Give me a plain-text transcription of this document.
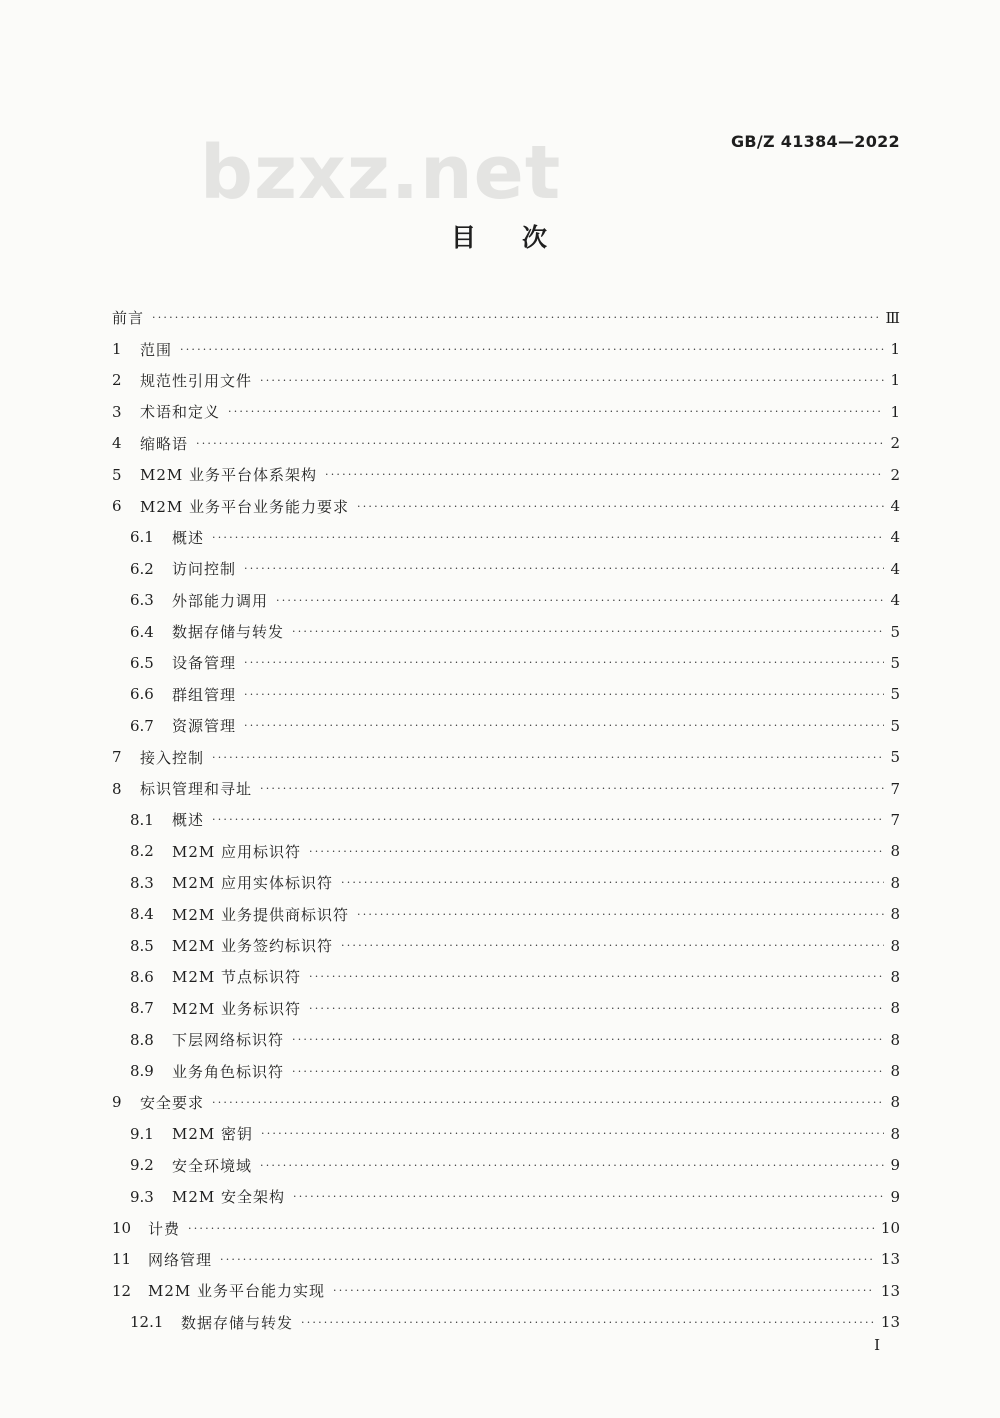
bzxz.net	GB/Z 41384—2022
目 次
前言 ·····	Ⅲ
1	范围 ·····	1
2	规范性引用文件 ·····	1
3	术语和定义 ·····	1
4	缩略语 ·····	2
5	M2M 业务平台体系架构 ·····	2
6	M2M 业务平台业务能力要求 ·····	4
6.1	概述 ·····	4
6.2	访问控制 ·····	4
6.3	外部能力调用 ·····	4
6.4	数据存储与转发 ·····	5
6.5	设备管理 ·····	5
6.6	群组管理 ·····	5
6.7	资源管理 ·····	5
7	接入控制 ·····	5
8	标识管理和寻址 ·····	7
8.1	概述 ·····	7
8.2	M2M 应用标识符 ·····	8
8.3	M2M 应用实体标识符 ·····	8
8.4	M2M 业务提供商标识符 ·····	8
8.5	M2M 业务签约标识符 ·····	8
8.6	M2M 节点标识符 ·····	8
8.7	M2M 业务标识符 ·····	8
8.8	下层网络标识符 ·····	8
8.9	业务角色标识符 ·····	8
9	安全要求 ·····	8
9.1	M2M 密钥 ·····	8
9.2	安全环境域 ·····	9
9.3	M2M 安全架构 ·····	9
10	计费 ·····	10
11	网络管理 ·····	13
12	M2M 业务平台能力实现 ·····	13
12.1	数据存储与转发 ·····	13
Ⅰ
